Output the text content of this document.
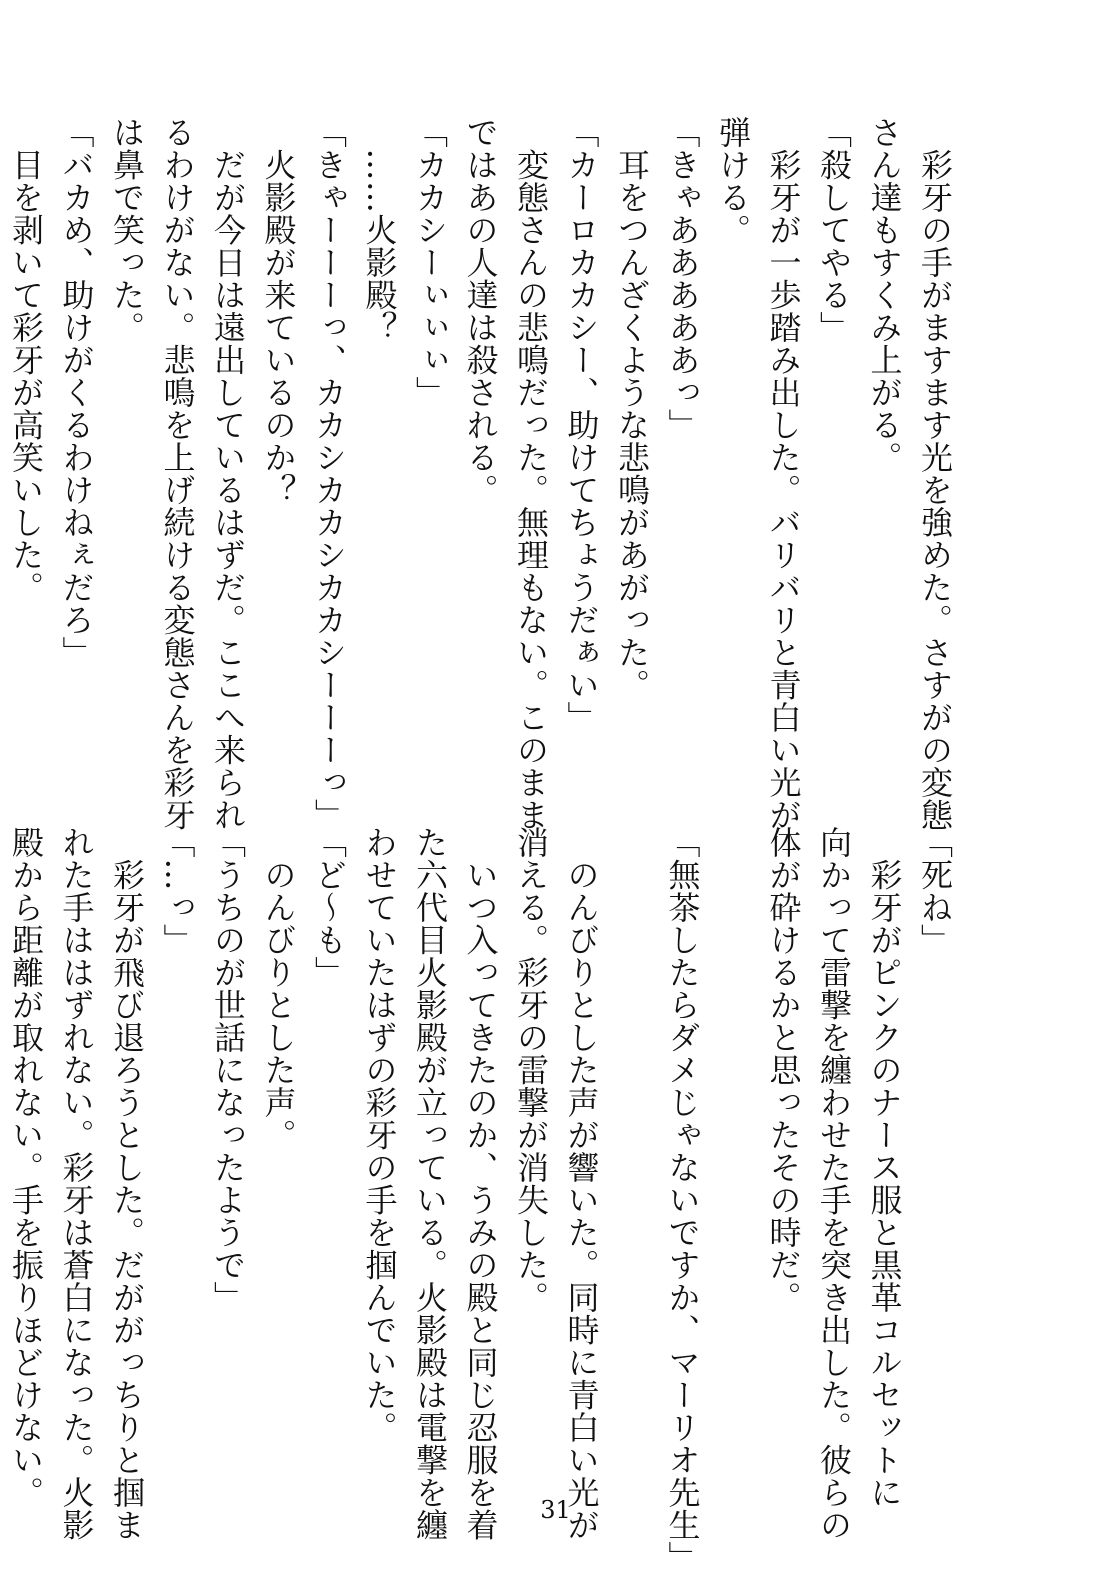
　彩牙の手がますます光を強めた。さすがの変態
さん達もすくみ上がる。
「殺してやる」
　彩牙が一歩踏み出した。バリバリと青白い光が
弾ける。
「きゃあああああっ」
　耳をつんざくような悲鳴があがった。
「カーロカカシー、助けてちょうだぁい」
　変態さんの悲鳴だった。無理もない。このまま
ではあの人達は殺される。
「カカシーぃぃぃ」
　……火影殿？
「きゃーーーっ、カカシカカシカカシーーーっ」
　火影殿が来ているのか？
　だが今日は遠出しているはずだ。ここへ来られ
るわけがない。悲鳴を上げ続ける変態さんを彩牙
は鼻で笑った。
「バカめ、助けがくるわけねぇだろ」
　目を剥いて彩牙が高笑いした。
「死ね」
　彩牙がピンクのナース服と黒革コルセットに
向かって雷撃を纏わせた手を突き出した。彼らの
体が砕けるかと思ったその時だ。

「無茶したらダメじゃないですか、マーリオ先生」

　のんびりとした声が響いた。同時に青白い光が
消える。彩牙の雷撃が消失した。
　いつ入ってきたのか、うみの殿と同じ忍服を着
た六代目火影殿が立っている。火影殿は電撃を纏
わせていたはずの彩牙の手を掴んでいた。
「ど〜も」
　のんびりとした声。
「うちのが世話になったようで」
「…っ」
　彩牙が飛び退ろうとした。だががっちりと掴ま
れた手ははずれない。彩牙は蒼白になった。火影
殿から距離が取れない。手を振りほどけない。
31
